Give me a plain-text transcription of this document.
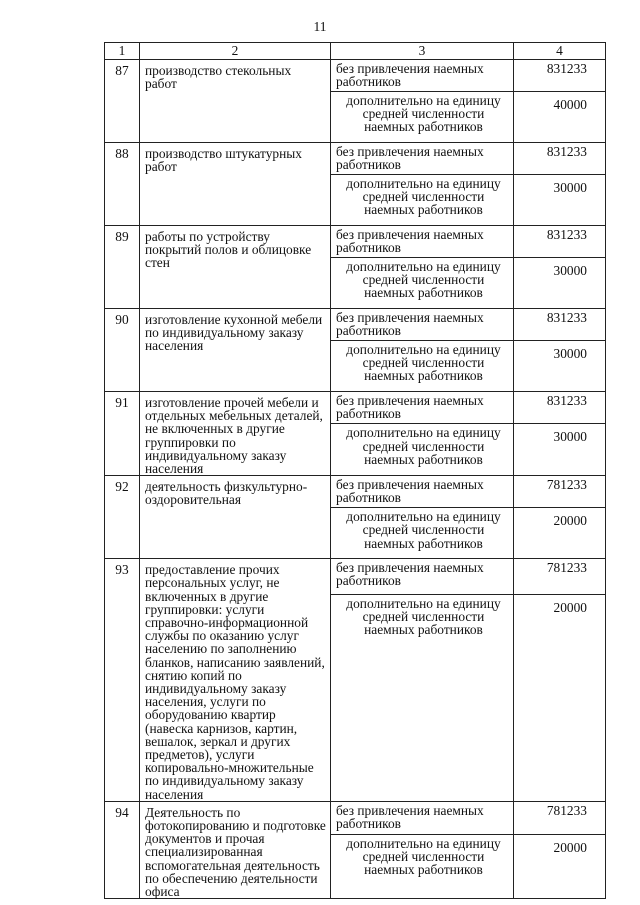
11
1	2	3	4
87	производство стекольных работ	без привлечения наемных работников	831233
		дополнительно на единицу средней численности наемных работников	40000
88	производство штукатурных работ	без привлечения наемных работников	831233
		дополнительно на единицу средней численности наемных работников	30000
89	работы по устройству покрытий полов и облицовке стен	без привлечения наемных работников	831233
		дополнительно на единицу средней численности наемных работников	30000
90	изготовление кухонной мебели по индивидуальному заказу населения	без привлечения наемных работников	831233
		дополнительно на единицу средней численности наемных работников	30000
91	изготовление прочей мебели и отдельных мебельных деталей, не включенных в другие группировки по индивидуальному заказу населения	без привлечения наемных работников	831233
		дополнительно на единицу средней численности наемных работников	30000
92	деятельность физкультурно-оздоровительная	без привлечения наемных работников	781233
		дополнительно на единицу средней численности наемных работников	20000
93	предоставление прочих персональных услуг, не включенных в другие группировки: услуги справочно-информационной службы по оказанию услуг населению по заполнению бланков, написанию заявлений, снятию копий по индивидуальному заказу населения, услуги по оборудованию квартир (навеска карнизов, картин, вешалок, зеркал и других предметов), услуги копировально-множительные по индивидуальному заказу населения	без привлечения наемных работников	781233
		дополнительно на единицу средней численности наемных работников	20000
94	Деятельность по фотокопированию и подготовке документов и прочая специализированная вспомогательная деятельность по обеспечению деятельности офиса	без привлечения наемных работников	781233
		дополнительно на единицу средней численности наемных работников	20000
